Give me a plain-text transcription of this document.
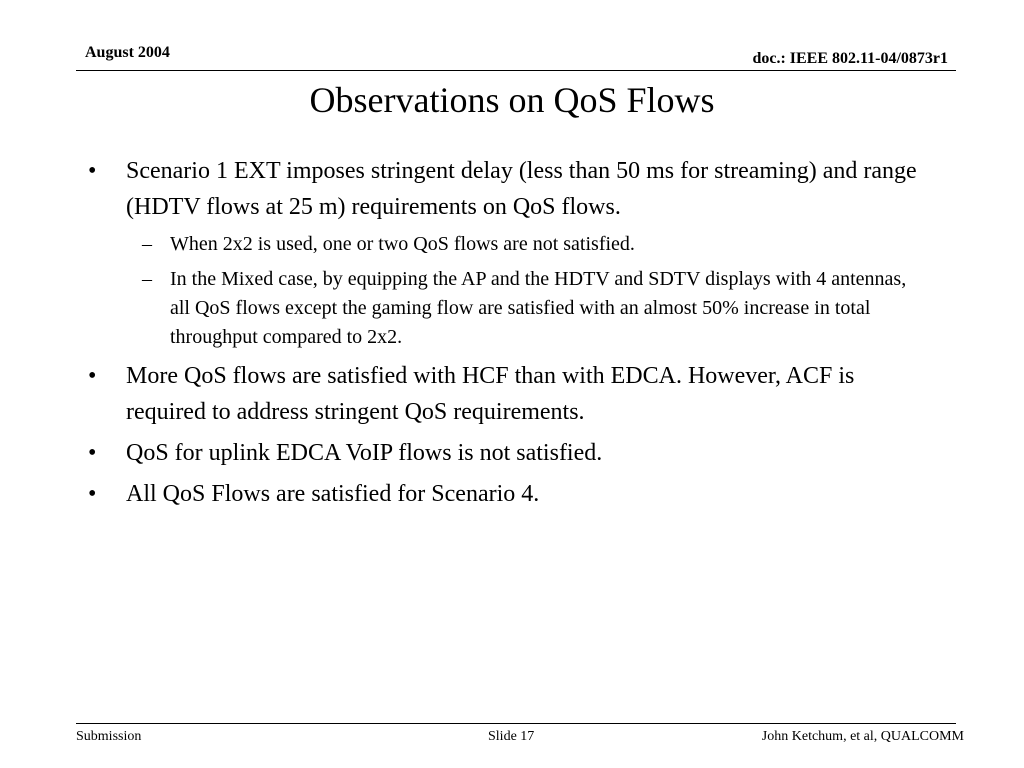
August 2004	doc.: IEEE 802.11-04/0873r1
Observations on QoS Flows
• Scenario 1 EXT imposes stringent delay (less than 50 ms for streaming) and range (HDTV flows at 25 m) requirements on QoS flows.
– When 2x2 is used, one or two QoS flows are not satisfied.
– In the Mixed case, by equipping the AP and the HDTV and SDTV displays with 4 antennas, all QoS flows except the gaming flow are satisfied with an almost 50% increase in total throughput compared to 2x2.
• More QoS flows are satisfied with HCF than with EDCA. However, ACF is required to address stringent QoS requirements.
• QoS for uplink EDCA VoIP flows is not satisfied.
• All QoS Flows are satisfied for Scenario 4.
Submission	Slide 17	John Ketchum, et al, QUALCOMM
